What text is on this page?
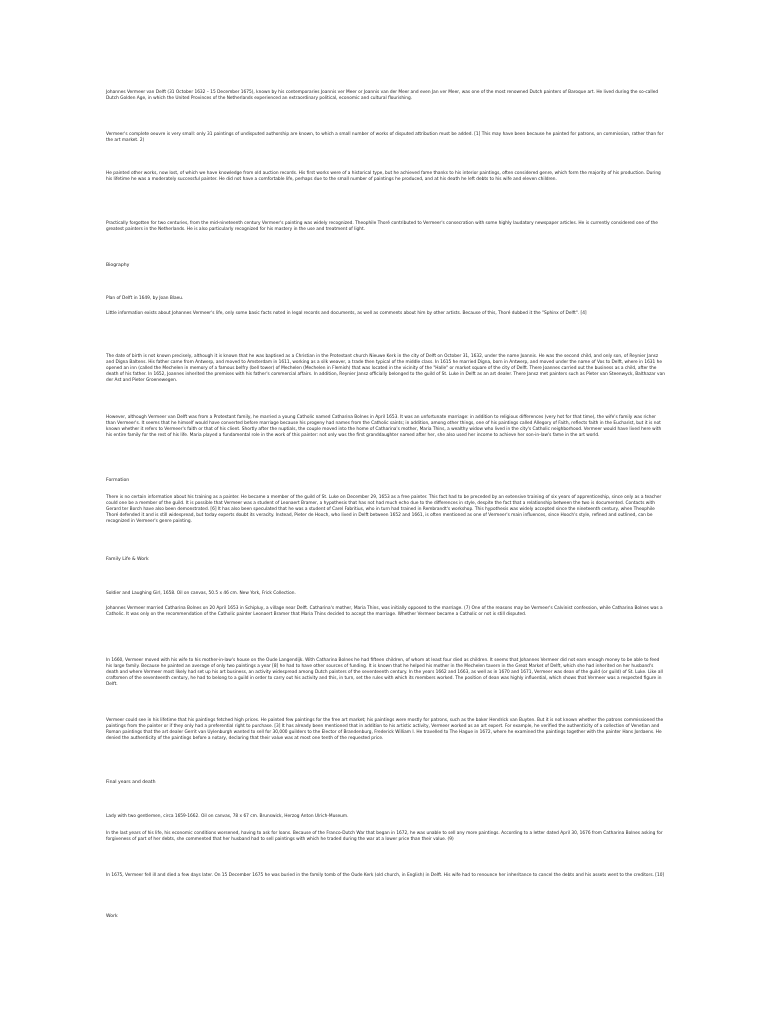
Johannes Vermeer van Delft (31 October 1632 – 15 December 1675), known by his contemporaries Joannis ver Meer or Joannis van der Meer and even Jan ver Meer, was one of the most renowned Dutch painters of Baroque art. He lived during the so-called Dutch Golden Age, in which the United Provinces of the Netherlands experienced an extraordinary political, economic and cultural flourishing.

Vermeer's complete oeuvre is very small: only 31 paintings of undisputed authorship are known, to which a small number of works of disputed attribution must be added. [1] This may have been because he painted for patrons, on commission, rather than for the art market. 2)

He painted other works, now lost, of which we have knowledge from old auction records. His first works were of a historical type, but he achieved fame thanks to his interior paintings, often considered genre, which form the majority of his production. During his lifetime he was a moderately successful painter. He did not have a comfortable life, perhaps due to the small number of paintings he produced, and at his death he left debts to his wife and eleven children.

Practically forgotten for two centuries, from the mid-nineteenth century Vermeer's painting was widely recognized. Theophile Thoré contributed to Vermeer's consecration with some highly laudatory newspaper articles. He is currently considered one of the greatest painters in the Netherlands. He is also particularly recognized for his mastery in the use and treatment of light.

Biography

Plan of Delft in 1649, by Joan Blaeu.

Little information exists about Johannes Vermeer's life, only some basic facts noted in legal records and documents, as well as comments about him by other artists. Because of this, Thoré dubbed it the "Sphinx of Delft". [4]

The date of birth is not known precisely, although it is known that he was baptised as a Christian in the Protestant church Nieuwe Kerk in the city of Delft on October 31, 1632, under the name Joannis. He was the second child, and only son, of Reynier Jansz and Digna Baltens. His father came from Antwerp, and moved to Amsterdam in 1611, working as a silk weaver, a trade then typical of the middle class. In 1615 he married Digna, born in Antwerp, and moved under the name of Vos to Delft, where in 1631 he opened an inn (called the Mechelen in memory of a famous belfry (bell tower) of Mechelen (Mechelen in Flemish) that was located in the vicinity of the "Halle" or market square of the city of Delft. There Joannes carried out the business as a child, after the death of his father. In 1652, Joannes inherited the premises with his father's commercial affairs. In addition, Reynier Jansz officially belonged to the guild of St. Luke in Delft as an art dealer. There Jansz met painters such as Pieter van Steenwyck, Balthazar van der Ast and Pieter Groenewegen.

However, although Vermeer van Delft was from a Protestant family, he married a young Catholic named Catharina Bolnes in April 1653. It was an unfortunate marriage: in addition to religious differences (very hot for that time), the wife's family was richer than Vermeer's. It seems that he himself would have converted before marriage because his progeny had names from the Catholic saints; in addition, among other things, one of his paintings called Allegory of Faith, reflects faith in the Eucharist, but it is not known whether it refers to Vermeer's faith or that of his client. Shortly after the nuptials, the couple moved into the home of Catharina's mother, Maria Thins, a wealthy widow who lived in the city's Catholic neighborhood. Vermeer would have lived here with his entire family for the rest of his life. Maria played a fundamental role in the work of this painter: not only was the first granddaughter named after her, she also used her income to achieve her son-in-law's fame in the art world.

Formation

There is no certain information about his training as a painter. He became a member of the guild of St. Luke on December 29, 1653 as a free painter. This fact had to be preceded by an extensive training of six years of apprenticeship, since only as a teacher could one be a member of the guild. It is possible that Vermeer was a student of Leonaert Bramer, a hypothesis that has not had much echo due to the differences in style, despite the fact that a relationship between the two is documented. Contacts with Gerard ter Borch have also been demonstrated. [6] It has also been speculated that he was a student of Carel Fabritius, who in turn had trained in Rembrandt's workshop. This hypothesis was widely accepted since the nineteenth century, when Theophile Thoré defended it and is still widespread, but today experts doubt its veracity. Instead, Pieter de Hooch, who lived in Delft between 1652 and 1661, is often mentioned as one of Vermeer's main influences, since Hooch's style, refined and outlined, can be recognized in Vermeer's genre painting.

Family Life & Work

Soldier and Laughing Girl, 1658. Oil on canvas, 50.5 x 46 cm. New York, Frick Collection.

Johannes Vermeer married Catharina Bolnes on 20 April 1653 in Schipluy, a village near Delft. Catharina's mother, Maria Thins, was initially opposed to the marriage. (7) One of the reasons may be Vermeer's Calvinist confession, while Catharina Bolnes was a Catholic. It was only on the recommendation of the Catholic painter Leonaert Bramer that Maria Thins decided to accept the marriage. Whether Vermeer became a Catholic or not is still disputed.

In 1660, Vermeer moved with his wife to his mother-in-law's house on the Oude Langendijk. With Catharina Bolnes he had fifteen children, of whom at least four died as children. It seems that Johannes Vermeer did not earn enough money to be able to feed his large family. Because he painted an average of only two paintings a year [8] he had to have other sources of funding. It is known that he helped his mother in the Mechelen tavern in the Great Market of Delft, which she had inherited on her husband's death and where Vermeer most likely had set up his art business, an activity widespread among Dutch painters of the seventeenth century. In the years 1662 and 1663, as well as in 1670 and 1671, Vermeer was dean of the guild (or guild) of St. Luke. Like all craftsmen of the seventeenth century, he had to belong to a guild in order to carry out his activity and this, in turn, set the rules with which its members worked. The position of dean was highly influential, which shows that Vermeer was a respected figure in Delft.

Vermeer could see in his lifetime that his paintings fetched high prices. He painted few paintings for the free art market; his paintings were mostly for patrons, such as the baker Hendrick van Buyten. But it is not known whether the patrons commissioned the paintings from the painter or if they only had a preferential right to purchase. [3] It has already been mentioned that in addition to his artistic activity, Vermeer worked as an art expert. For example, he verified the authenticity of a collection of Venetian and Roman paintings that the art dealer Gerrit van Uylenburgh wanted to sell for 30,000 guilders to the Elector of Brandenburg, Frederick William I. He travelled to The Hague in 1672, where he examined the paintings together with the painter Hans Jordaens. He denied the authenticity of the paintings before a notary, declaring that their value was at most one tenth of the requested price.

Final years and death

Lady with two gentlemen, circa 1659-1662. Oil on canvas, 78 x 67 cm. Brunswick, Herzog Anton Ulrich-Museum.

In the last years of his life, his economic conditions worsened, having to ask for loans. Because of the Franco-Dutch War that began in 1672, he was unable to sell any more paintings. According to a letter dated April 30, 1676 from Catharina Bolnes asking for forgiveness of part of her debts, she commented that her husband had to sell paintings with which he traded during the war at a lower price than their value. (9)

In 1675, Vermeer fell ill and died a few days later. On 15 December 1675 he was buried in the family tomb of the Oude Kerk (old church, in English) in Delft. His wife had to renounce her inheritance to cancel the debts and his assets went to the creditors. [10]

Work
